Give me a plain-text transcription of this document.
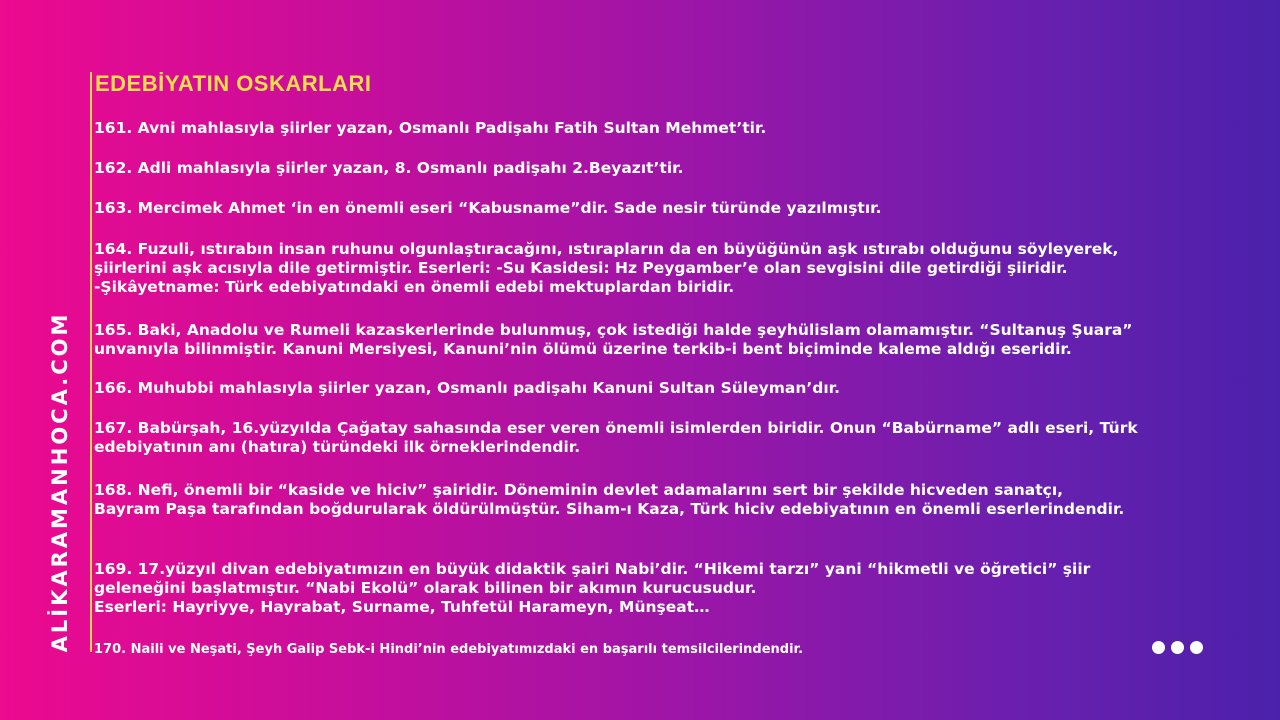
ALİKARAMANHOCA.COM
EDEBİYATIN OSKARLARI
161. Avni mahlasıyla şiirler yazan, Osmanlı Padişahı Fatih Sultan Mehmet’tir.
162. Adli mahlasıyla şiirler yazan, 8. Osmanlı padişahı 2.Beyazıt’tir.
163. Mercimek Ahmet ‘in en önemli eseri “Kabusname”dir. Sade nesir türünde yazılmıştır.
164. Fuzuli, ıstırabın insan ruhunu olgunlaştıracağını, ıstırapların da en büyüğünün aşk ıstırabı olduğunu söyleyerek,
şiirlerini aşk acısıyla dile getirmiştir. Eserleri: -Su Kasidesi: Hz Peygamber’e olan sevgisini dile getirdiği şiiridir.
-Şikâyetname: Türk edebiyatındaki en önemli edebi mektuplardan biridir.
165. Baki, Anadolu ve Rumeli kazaskerlerinde bulunmuş, çok istediği halde şeyhülislam olamamıştır. “Sultanuş Şuara”
unvanıyla bilinmiştir. Kanuni Mersiyesi, Kanuni’nin ölümü üzerine terkib-i bent biçiminde kaleme aldığı eseridir.
166. Muhubbi mahlasıyla şiirler yazan, Osmanlı padişahı Kanuni Sultan Süleyman’dır.
167. Babürşah, 16.yüzyılda Çağatay sahasında eser veren önemli isimlerden biridir. Onun “Babürname” adlı eseri, Türk
edebiyatının anı (hatıra) türündeki ilk örneklerindendir.
168. Nefi, önemli bir “kaside ve hiciv” şairidir. Döneminin devlet adamalarını sert bir şekilde hicveden sanatçı,
Bayram Paşa tarafından boğdurularak öldürülmüştür. Siham-ı Kaza, Türk hiciv edebiyatının en önemli eserlerindendir.
169. 17.yüzyıl divan edebiyatımızın en büyük didaktik şairi Nabi’dir. “Hikemi tarzı” yani “hikmetli ve öğretici” şiir
geleneğini başlatmıştır. “Nabi Ekolü” olarak bilinen bir akımın kurucusudur.
Eserleri: Hayriyye, Hayrabat, Surname, Tuhfetül Harameyn, Münşeat…
170. Naili ve Neşati, Şeyh Galip Sebk-i Hindi’nin edebiyatımızdaki en başarılı temsilcilerindendir.
